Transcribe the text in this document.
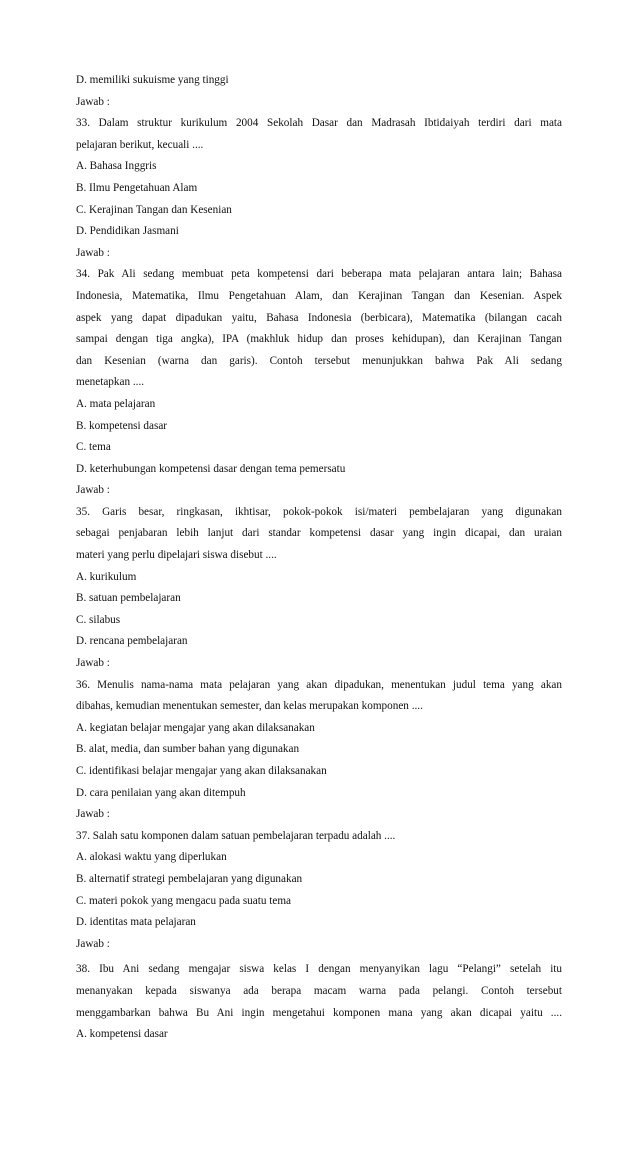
D. memiliki sukuisme yang tinggi
Jawab :
33. Dalam struktur kurikulum 2004 Sekolah Dasar dan Madrasah Ibtidaiyah terdiri dari mata
pelajaran berikut, kecuali ....
A. Bahasa Inggris
B. Ilmu Pengetahuan Alam
C. Kerajinan Tangan dan Kesenian
D. Pendidikan Jasmani
Jawab :
34. Pak Ali sedang membuat peta kompetensi dari beberapa mata pelajaran antara lain; Bahasa
Indonesia, Matematika, Ilmu Pengetahuan Alam, dan Kerajinan Tangan dan Kesenian. Aspek
aspek yang dapat dipadukan yaitu, Bahasa Indonesia (berbicara), Matematika (bilangan cacah
sampai dengan tiga angka), IPA (makhluk hidup dan proses kehidupan), dan Kerajinan Tangan
dan Kesenian (warna dan garis). Contoh tersebut menunjukkan bahwa Pak Ali sedang
menetapkan ....
A. mata pelajaran
B. kompetensi dasar
C. tema
D. keterhubungan kompetensi dasar dengan tema pemersatu
Jawab :
35. Garis besar, ringkasan, ikhtisar, pokok-pokok isi/materi pembelajaran yang digunakan
sebagai penjabaran lebih lanjut dari standar kompetensi dasar yang ingin dicapai, dan uraian
materi yang perlu dipelajari siswa disebut ....
A. kurikulum
B. satuan pembelajaran
C. silabus
D. rencana pembelajaran
Jawab :
36. Menulis nama-nama mata pelajaran yang akan dipadukan, menentukan judul tema yang akan
dibahas, kemudian menentukan semester, dan kelas merupakan komponen ....
A. kegiatan belajar mengajar yang akan dilaksanakan
B. alat, media, dan sumber bahan yang digunakan
C. identifikasi belajar mengajar yang akan dilaksanakan
D. cara penilaian yang akan ditempuh
Jawab :
37. Salah satu komponen dalam satuan pembelajaran terpadu adalah ....
A. alokasi waktu yang diperlukan
B. alternatif strategi pembelajaran yang digunakan
C. materi pokok yang mengacu pada suatu tema
D. identitas mata pelajaran
Jawab :
38. Ibu Ani sedang mengajar siswa kelas I dengan menyanyikan lagu “Pelangi” setelah itu
menanyakan kepada siswanya ada berapa macam warna pada pelangi. Contoh tersebut
menggambarkan bahwa Bu Ani ingin mengetahui komponen mana yang akan dicapai yaitu ....
A. kompetensi dasar
